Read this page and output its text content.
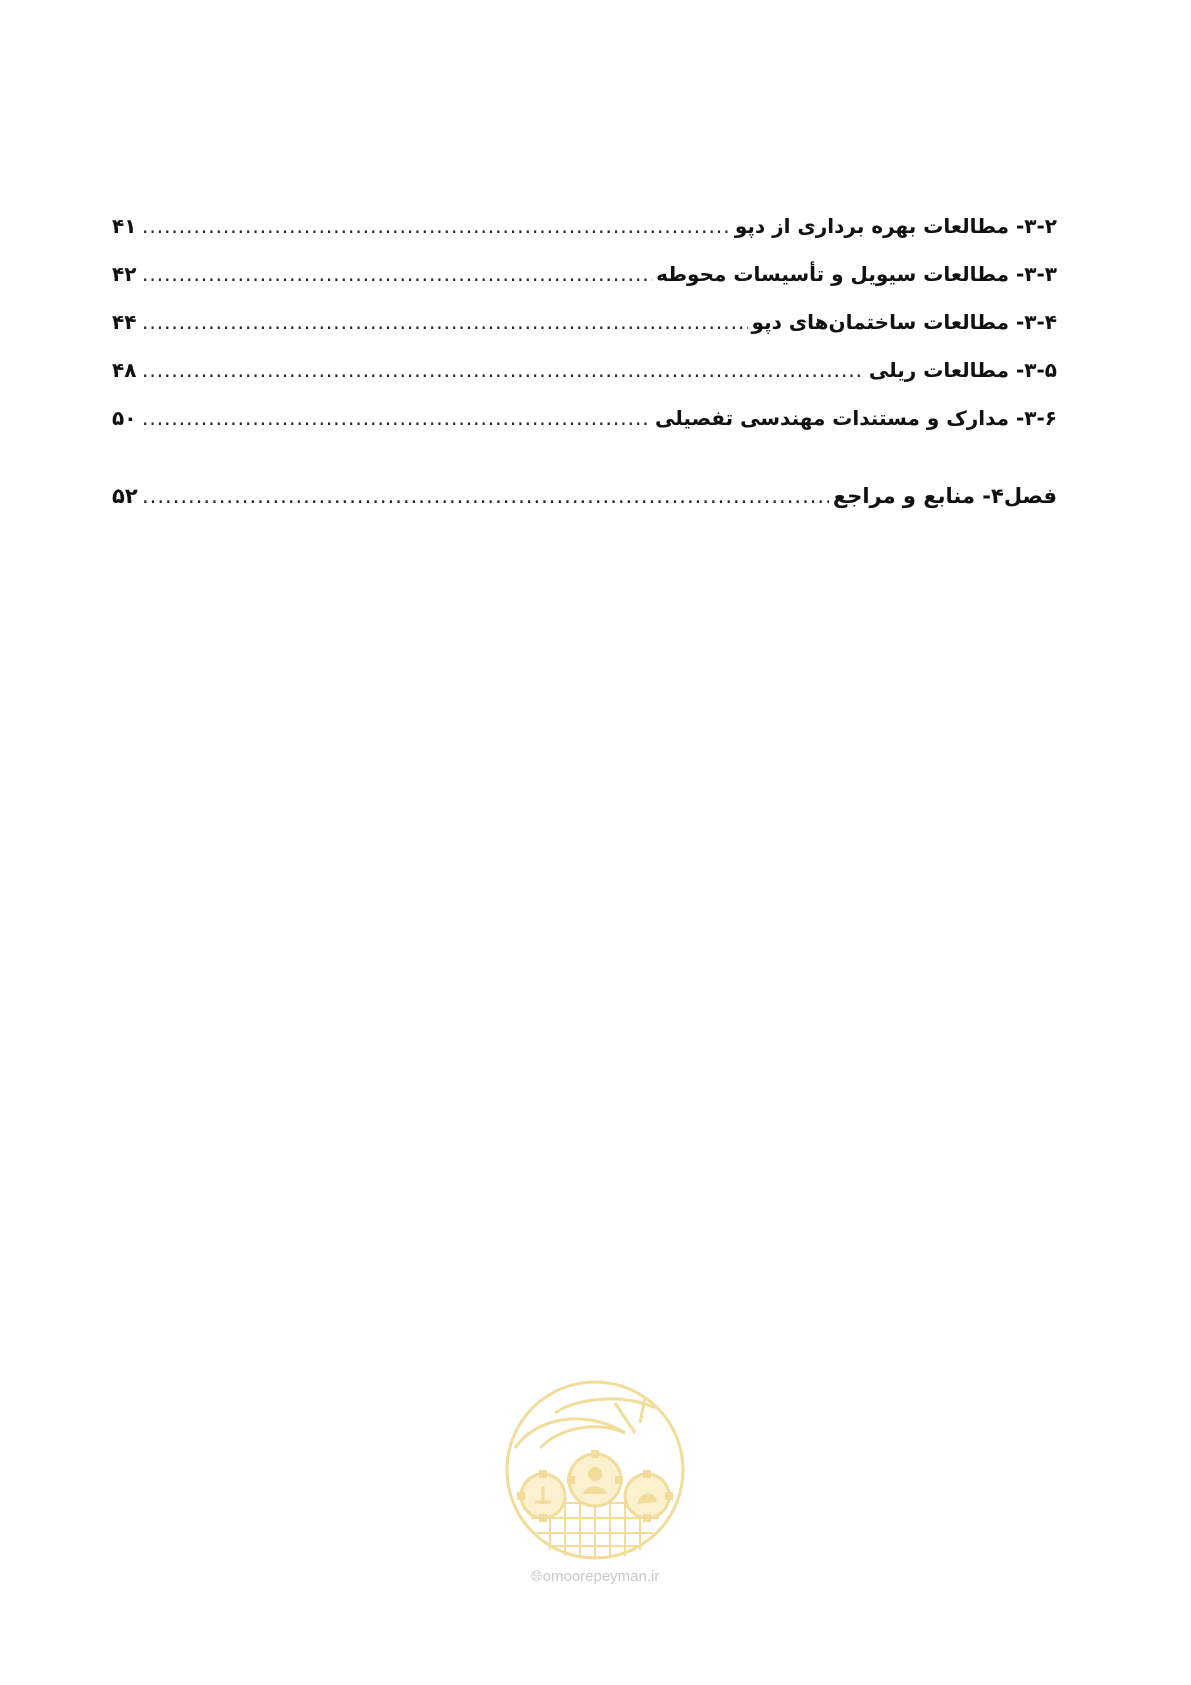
۳-۲- مطالعات بهره برداری از دپو
.....
۴۱
۳-۳- مطالعات سیویل و تأسیسات محوطه
.....
۴۲
۳-۴- مطالعات ساختمان‌های دپو
.....
۴۴
۳-۵- مطالعات ریلی
.....
۴۸
۳-۶- مدارک و مستندات مهندسی تفصیلی
.....
۵۰
فصل۴- منابع و مراجع
.....
۵۲
🌐︎omoorepeyman.ir
